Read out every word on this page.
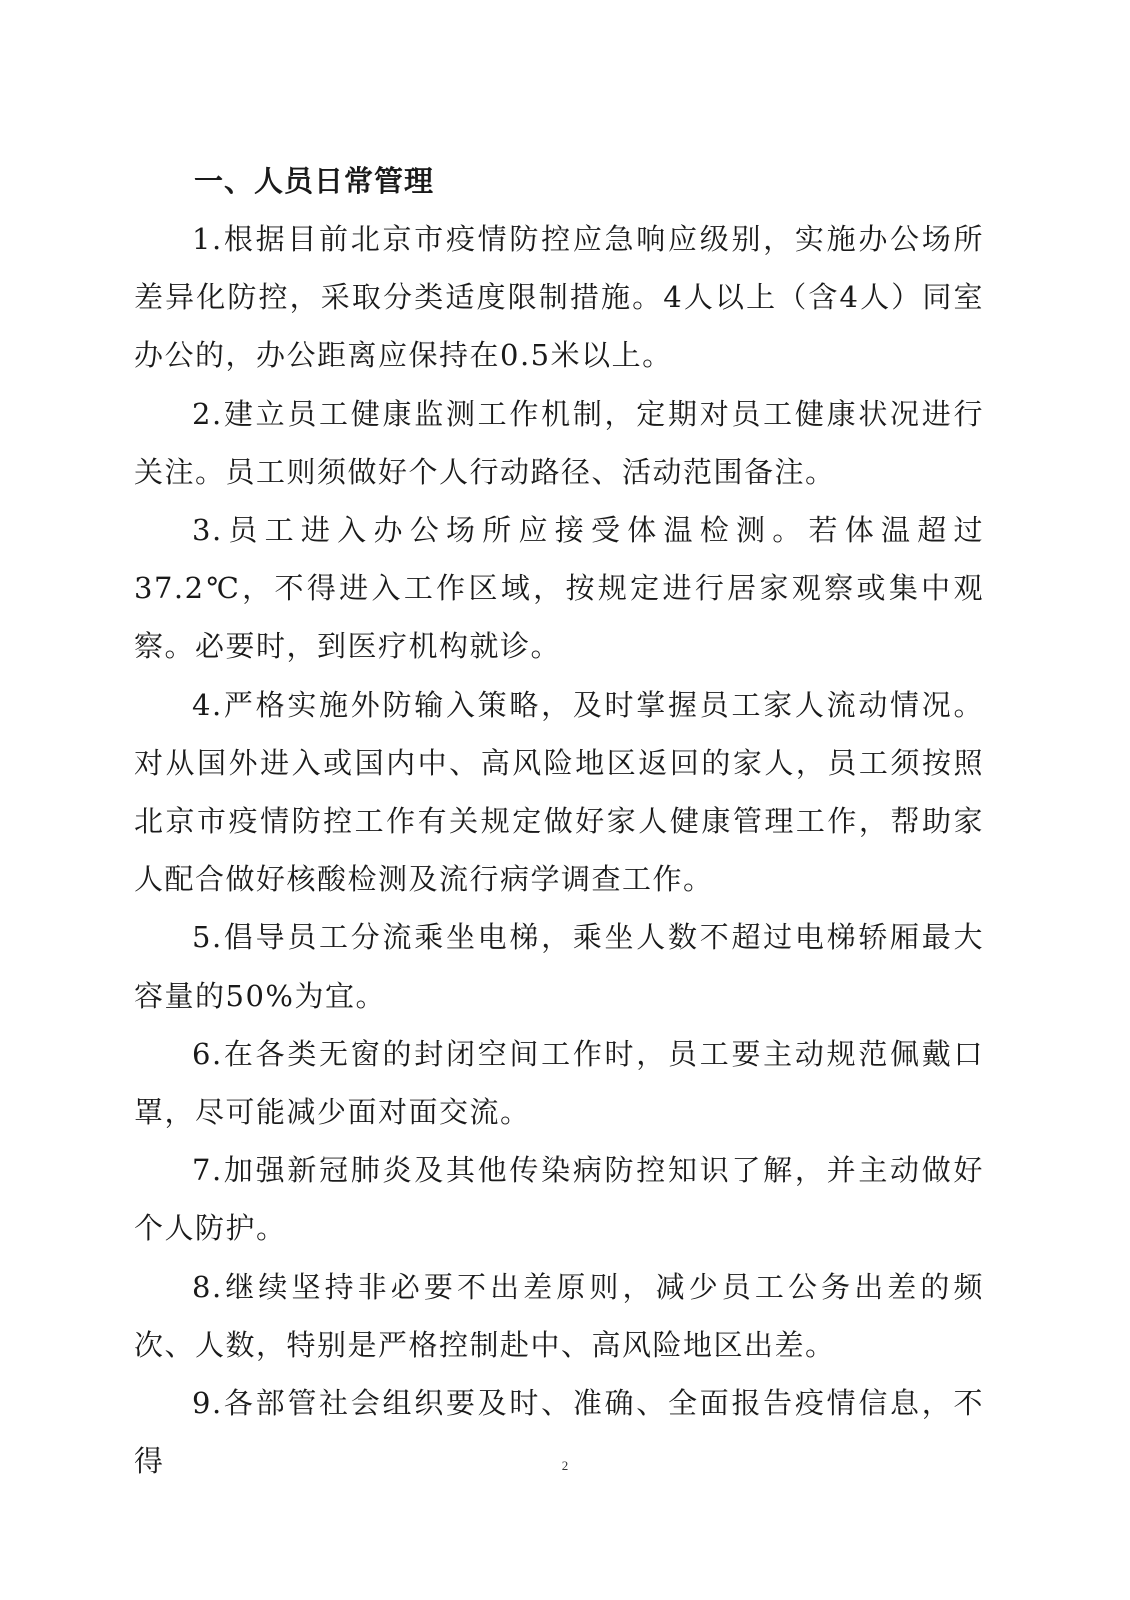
一、人员日常管理

1.根据目前北京市疫情防控应急响应级别，实施办公场所差异化防控，采取分类适度限制措施。4人以上（含4人）同室办公的，办公距离应保持在0.5米以上。

2.建立员工健康监测工作机制，定期对员工健康状况进行关注。员工则须做好个人行动路径、活动范围备注。

3.员工进入办公场所应接受体温检测。若体温超过37.2℃，不得进入工作区域，按规定进行居家观察或集中观察。必要时，到医疗机构就诊。

4.严格实施外防输入策略，及时掌握员工家人流动情况。对从国外进入或国内中、高风险地区返回的家人，员工须按照北京市疫情防控工作有关规定做好家人健康管理工作，帮助家人配合做好核酸检测及流行病学调查工作。

5.倡导员工分流乘坐电梯，乘坐人数不超过电梯轿厢最大容量的50%为宜。

6.在各类无窗的封闭空间工作时，员工要主动规范佩戴口罩，尽可能减少面对面交流。

7.加强新冠肺炎及其他传染病防控知识了解，并主动做好个人防护。

8.继续坚持非必要不出差原则，减少员工公务出差的频次、人数，特别是严格控制赴中、高风险地区出差。

9.各部管社会组织要及时、准确、全面报告疫情信息，不得	2
